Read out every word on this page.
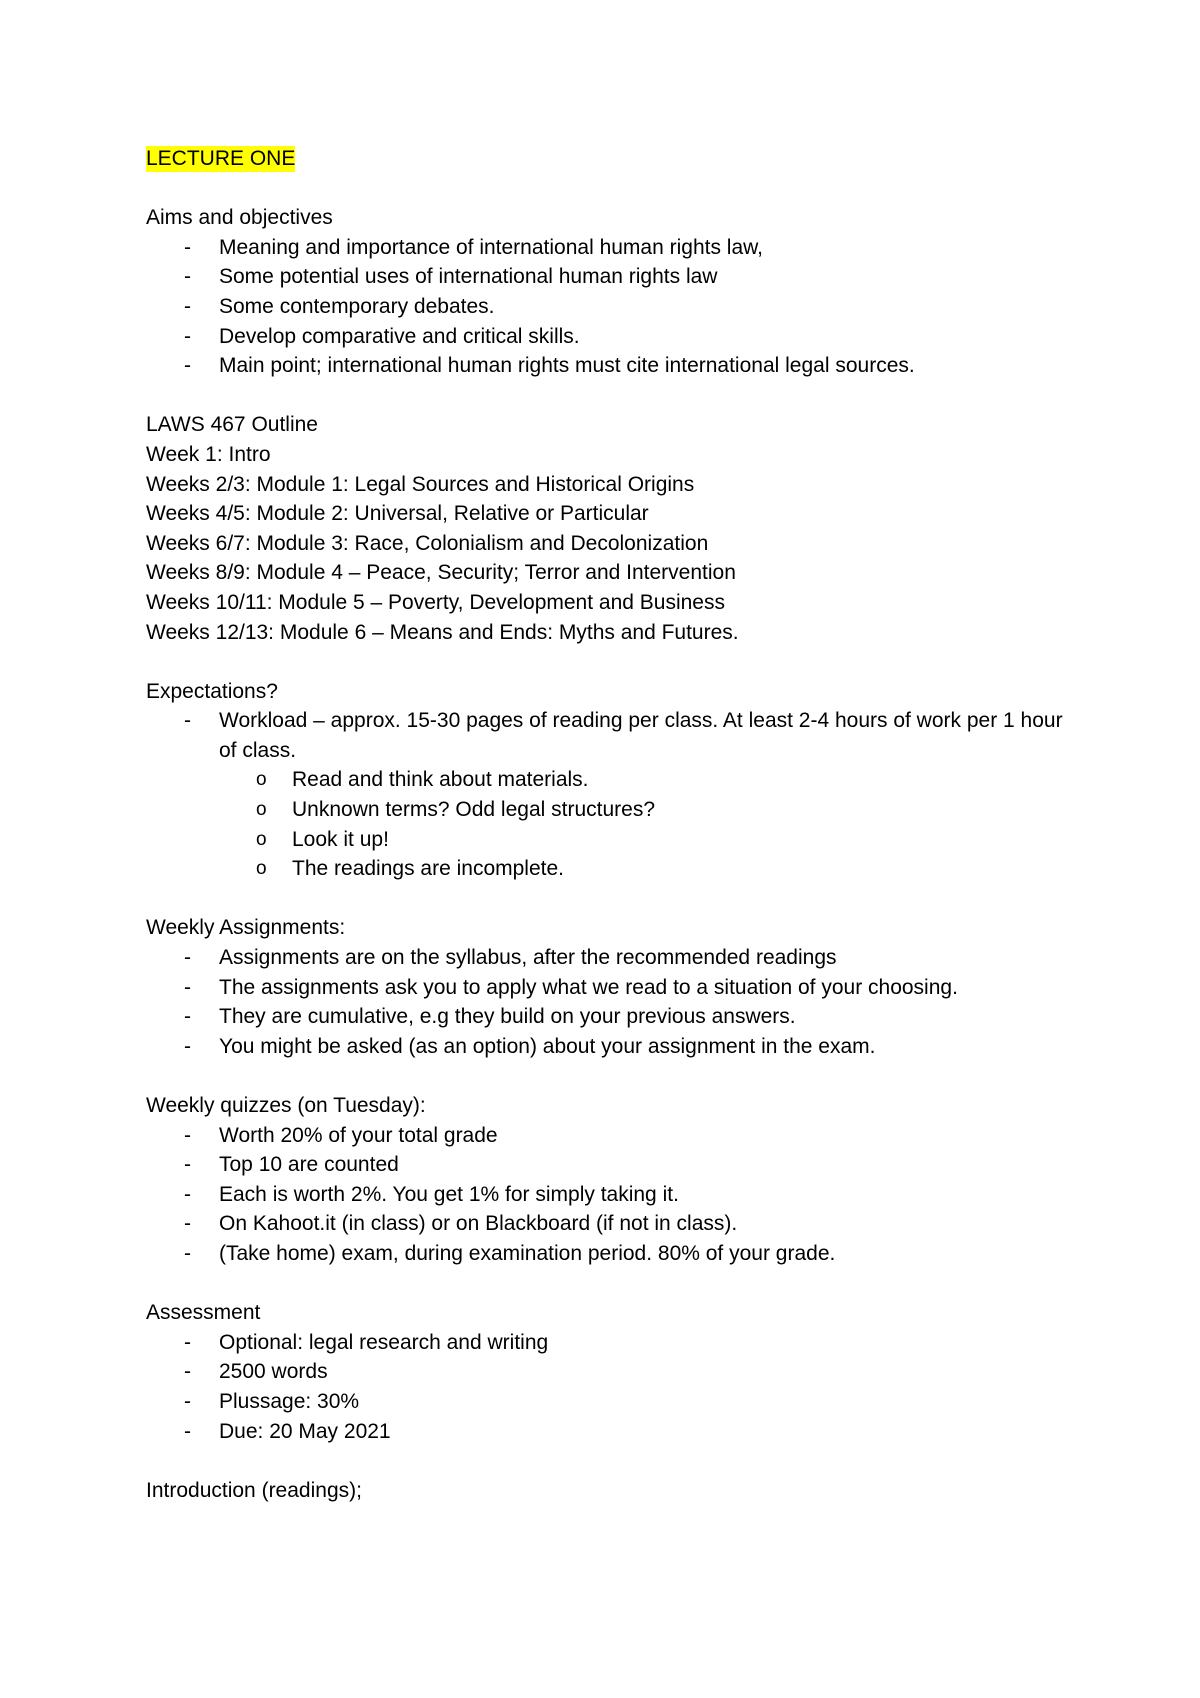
LECTURE ONE
Aims and objectives
- Meaning and importance of international human rights law,
- Some potential uses of international human rights law
- Some contemporary debates.
- Develop comparative and critical skills.
- Main point; international human rights must cite international legal sources.
LAWS 467 Outline
Week 1: Intro
Weeks 2/3: Module 1: Legal Sources and Historical Origins
Weeks 4/5: Module 2: Universal, Relative or Particular
Weeks 6/7: Module 3: Race, Colonialism and Decolonization
Weeks 8/9: Module 4 – Peace, Security; Terror and Intervention
Weeks 10/11: Module 5 – Poverty, Development and Business
Weeks 12/13: Module 6 – Means and Ends: Myths and Futures.
Expectations?
- Workload – approx. 15-30 pages of reading per class. At least 2-4 hours of work per 1 hour of class.
o Read and think about materials.
o Unknown terms? Odd legal structures?
o Look it up!
o The readings are incomplete.
Weekly Assignments:
- Assignments are on the syllabus, after the recommended readings
- The assignments ask you to apply what we read to a situation of your choosing.
- They are cumulative, e.g they build on your previous answers.
- You might be asked (as an option) about your assignment in the exam.
Weekly quizzes (on Tuesday):
- Worth 20% of your total grade
- Top 10 are counted
- Each is worth 2%. You get 1% for simply taking it.
- On Kahoot.it (in class) or on Blackboard (if not in class).
- (Take home) exam, during examination period. 80% of your grade.
Assessment
- Optional: legal research and writing
- 2500 words
- Plussage: 30%
- Due: 20 May 2021
Introduction (readings);
